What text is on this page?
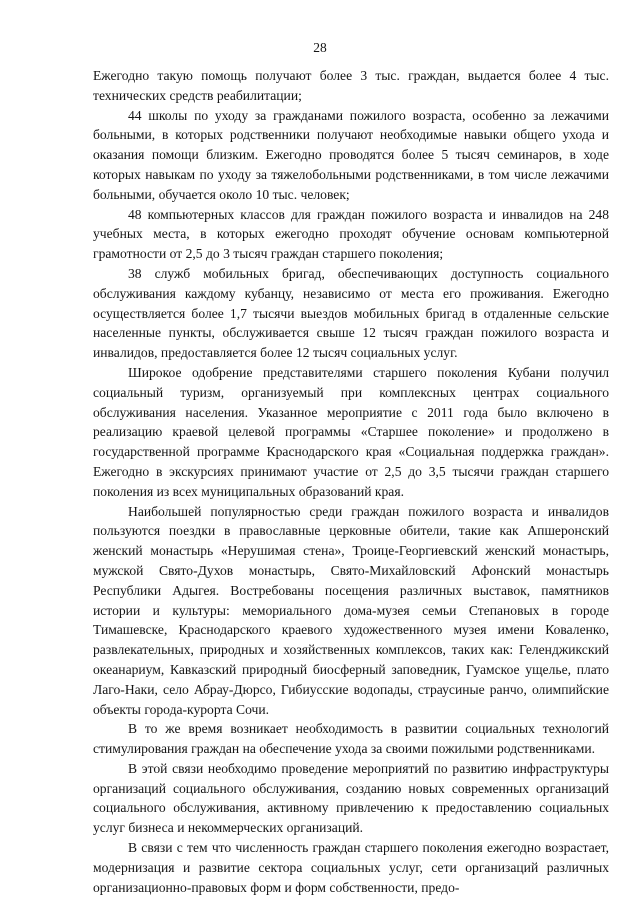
28

Ежегодно такую помощь получают более 3 тыс. граждан, выдается более 4 тыс. технических средств реабилитации;

44 школы по уходу за гражданами пожилого возраста, особенно за лежачими больными, в которых родственники получают необходимые навыки общего ухода и оказания помощи близким. Ежегодно проводятся более 5 тысяч семинаров, в ходе которых навыкам по уходу за тяжелобольными родственниками, в том числе лежачими больными, обучается около 10 тыс. человек;

48 компьютерных классов для граждан пожилого возраста и инвалидов на 248 учебных места, в которых ежегодно проходят обучение основам компьютерной грамотности от 2,5 до 3 тысяч граждан старшего поколения;

38 служб мобильных бригад, обеспечивающих доступность социального обслуживания каждому кубанцу, независимо от места его проживания. Ежегодно осуществляется более 1,7 тысячи выездов мобильных бригад в отдаленные сельские населенные пункты, обслуживается свыше 12 тысяч граждан пожилого возраста и инвалидов, предоставляется более 12 тысяч социальных услуг.

Широкое одобрение представителями старшего поколения Кубани получил социальный туризм, организуемый при комплексных центрах социального обслуживания населения. Указанное мероприятие с 2011 года было включено в реализацию краевой целевой программы «Старшее поколение» и продолжено в государственной программе Краснодарского края «Социальная поддержка граждан». Ежегодно в экскурсиях принимают участие от 2,5 до 3,5 тысячи граждан старшего поколения из всех муниципальных образований края.

Наибольшей популярностью среди граждан пожилого возраста и инвалидов пользуются поездки в православные церковные обители, такие как Апшеронский женский монастырь «Нерушимая стена», Троице-Георгиевский женский монастырь, мужской Свято-Духов монастырь, Свято-Михайловский Афонский монастырь Республики Адыгея. Востребованы посещения различных выставок, памятников истории и культуры: мемориального дома-музея семьи Степановых в городе Тимашевске, Краснодарского краевого художественного музея имени Коваленко, развлекательных, природных и хозяйственных комплексов, таких как: Геленджикский океанариум, Кавказский природный биосферный заповедник, Гуамское ущелье, плато Лаго-Наки, село Абрау-Дюрсо, Гибиусские водопады, страусиные ранчо, олимпийские объекты города-курорта Сочи.

В то же время возникает необходимость в развитии социальных технологий стимулирования граждан на обеспечение ухода за своими пожилыми родственниками.

В этой связи необходимо проведение мероприятий по развитию инфраструктуры организаций социального обслуживания, созданию новых современных организаций социального обслуживания, активному привлечению к предоставлению социальных услуг бизнеса и некоммерческих организаций.

В связи с тем что численность граждан старшего поколения ежегодно возрастает, модернизация и развитие сектора социальных услуг, сети организаций различных организационно-правовых форм и форм собственности, предо-
